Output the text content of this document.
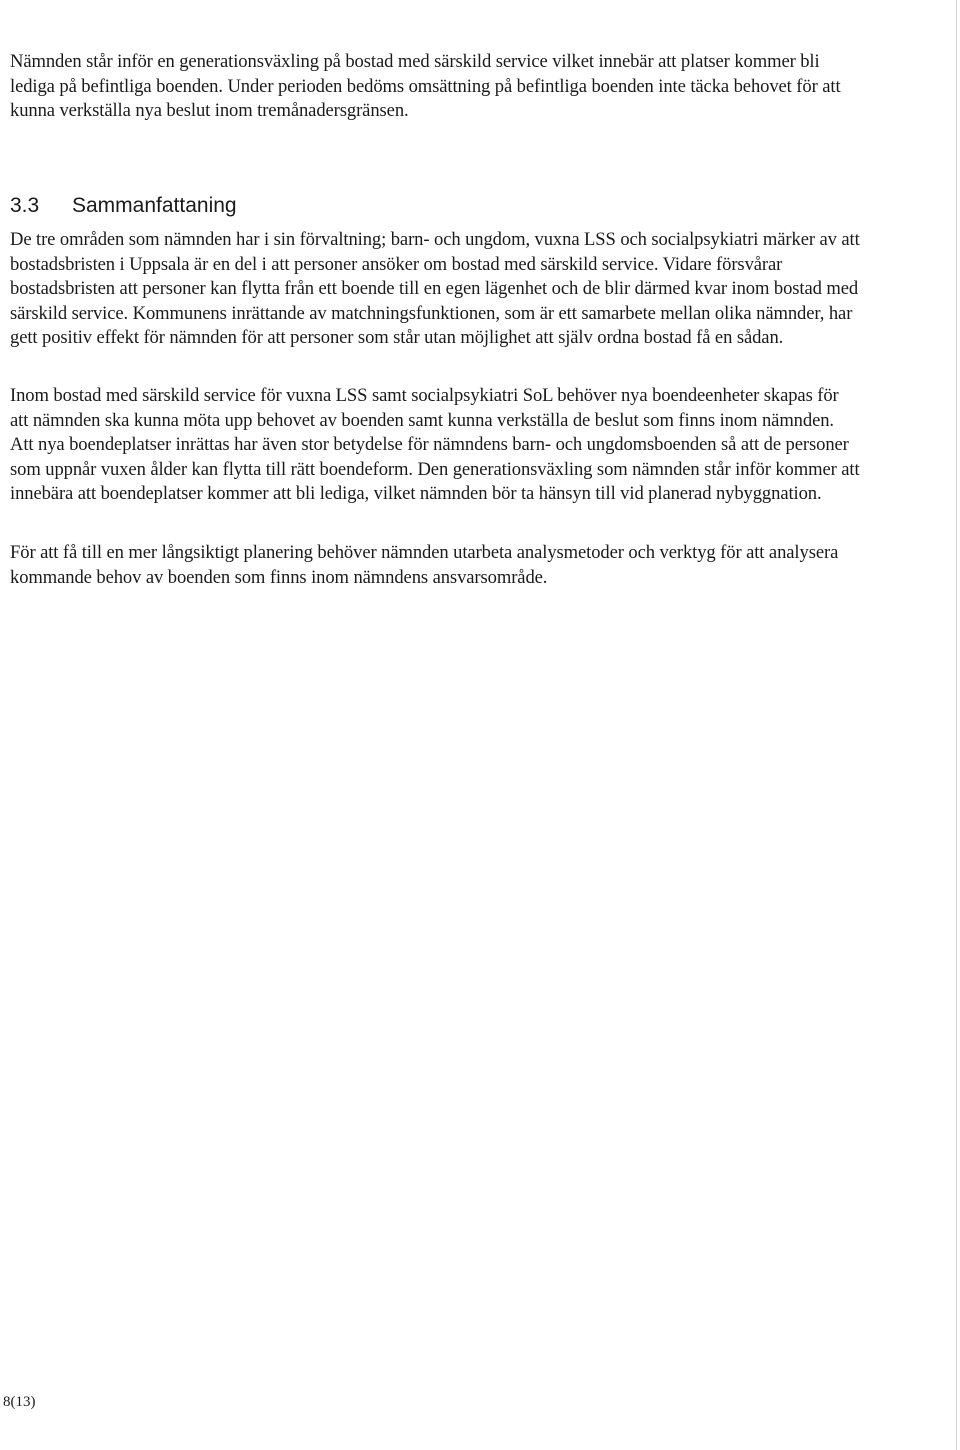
Nämnden står inför en generationsväxling på bostad med särskild service vilket innebär att platser kommer bli lediga på befintliga boenden. Under perioden bedöms omsättning på befintliga boenden inte täcka behovet för att kunna verkställa nya beslut inom tremånadersgränsen.

3.3 Sammanfattaning

De tre områden som nämnden har i sin förvaltning; barn- och ungdom, vuxna LSS och socialpsykiatri märker av att bostadsbristen i Uppsala är en del i att personer ansöker om bostad med särskild service. Vidare försvårar bostadsbristen att personer kan flytta från ett boende till en egen lägenhet och de blir därmed kvar inom bostad med särskild service. Kommunens inrättande av matchningsfunktionen, som är ett samarbete mellan olika nämnder, har gett positiv effekt för nämnden för att personer som står utan möjlighet att själv ordna bostad få en sådan.

Inom bostad med särskild service för vuxna LSS samt socialpsykiatri SoL behöver nya boendeenheter skapas för att nämnden ska kunna möta upp behovet av boenden samt kunna verkställa de beslut som finns inom nämnden. Att nya boendeplatser inrättas har även stor betydelse för nämndens barn- och ungdomsboenden så att de personer som uppnår vuxen ålder kan flytta till rätt boendeform. Den generationsväxling som nämnden står inför kommer att innebära att boendeplatser kommer att bli lediga, vilket nämnden bör ta hänsyn till vid planerad nybyggnation.

För att få till en mer långsiktigt planering behöver nämnden utarbeta analysmetoder och verktyg för att analysera kommande behov av boenden som finns inom nämndens ansvarsområde.

8(13)
